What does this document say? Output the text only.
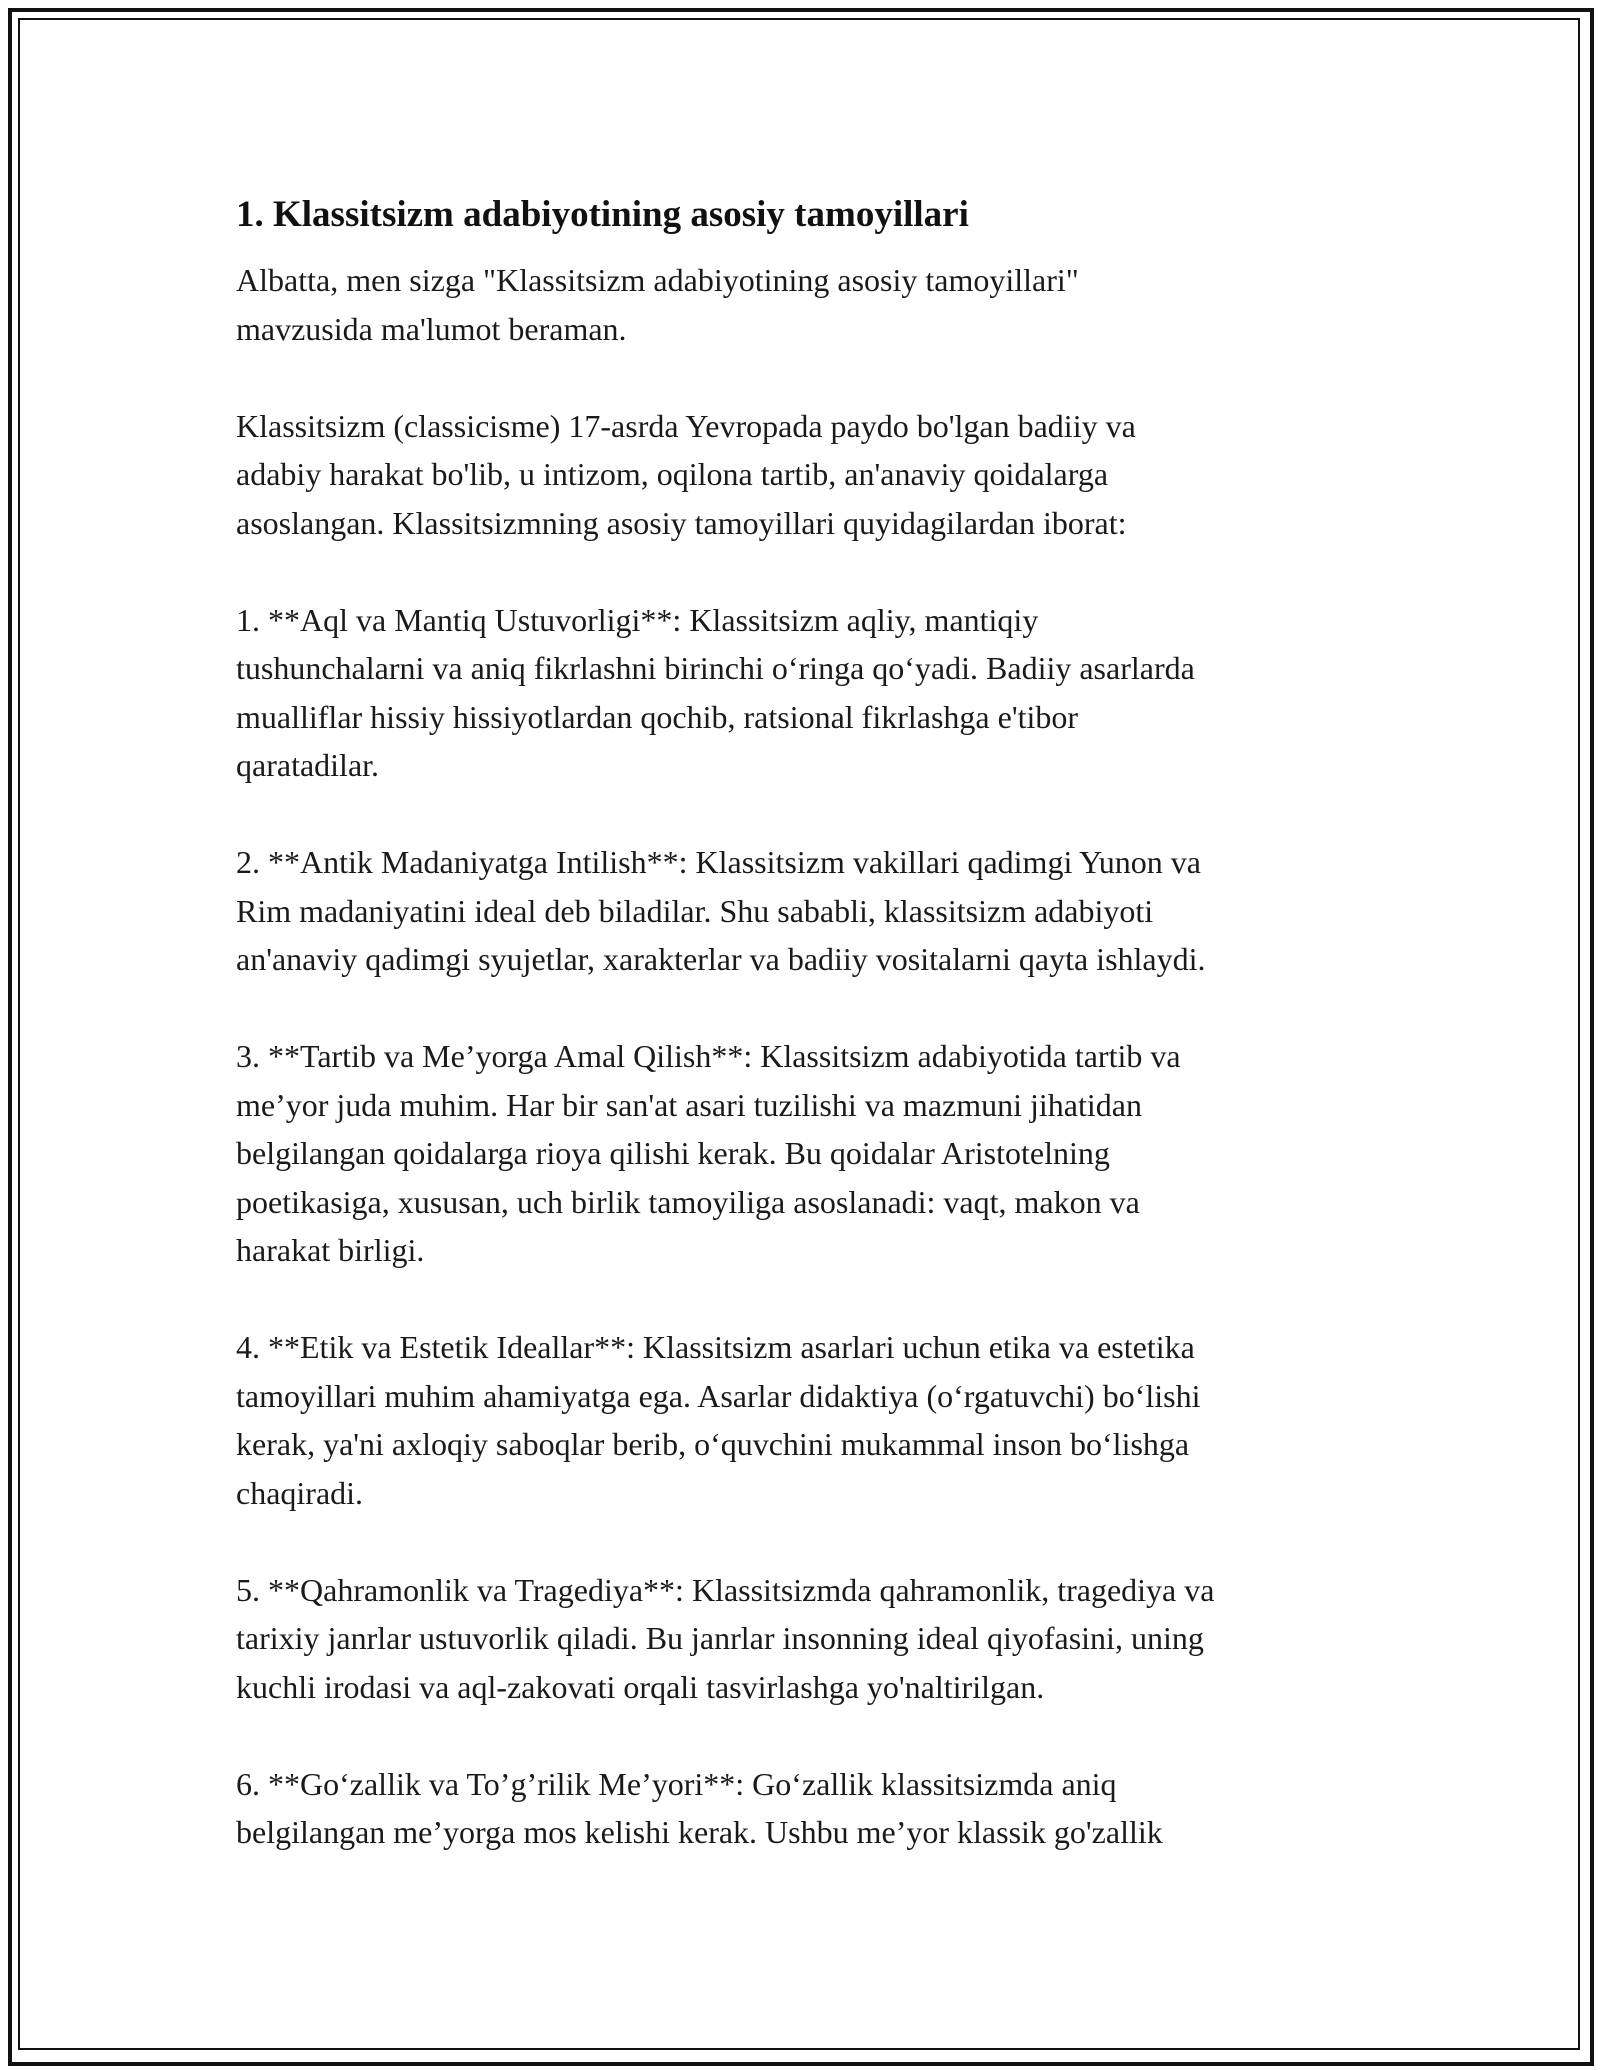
1. Klassitsizm adabiyotining asosiy tamoyillari

Albatta, men sizga "Klassitsizm adabiyotining asosiy tamoyillari"
mavzusida ma'lumot beraman.

Klassitsizm (classicisme) 17-asrda Yevropada paydo bo'lgan badiiy va
adabiy harakat bo'lib, u intizom, oqilona tartib, an'anaviy qoidalarga
asoslangan. Klassitsizmning asosiy tamoyillari quyidagilardan iborat:

1. **Aql va Mantiq Ustuvorligi**: Klassitsizm aqliy, mantiqiy
tushunchalarni va aniq fikrlashni birinchi oʻringa qoʻyadi. Badiiy asarlarda
mualliflar hissiy hissiyotlardan qochib, ratsional fikrlashga e'tibor
qaratadilar.

2. **Antik Madaniyatga Intilish**: Klassitsizm vakillari qadimgi Yunon va
Rim madaniyatini ideal deb biladilar. Shu sababli, klassitsizm adabiyoti
an'anaviy qadimgi syujetlar, xarakterlar va badiiy vositalarni qayta ishlaydi.

3. **Tartib va Me’yorga Amal Qilish**: Klassitsizm adabiyotida tartib va
me’yor juda muhim. Har bir san'at asari tuzilishi va mazmuni jihatidan
belgilangan qoidalarga rioya qilishi kerak. Bu qoidalar Aristotelning
poetikasiga, xususan, uch birlik tamoyiliga asoslanadi: vaqt, makon va
harakat birligi.

4. **Etik va Estetik Ideallar**: Klassitsizm asarlari uchun etika va estetika
tamoyillari muhim ahamiyatga ega. Asarlar didaktiya (oʻrgatuvchi) boʻlishi
kerak, ya'ni axloqiy saboqlar berib, oʻquvchini mukammal inson boʻlishga
chaqiradi.

5. **Qahramonlik va Tragediya**: Klassitsizmda qahramonlik, tragediya va
tarixiy janrlar ustuvorlik qiladi. Bu janrlar insonning ideal qiyofasini, uning
kuchli irodasi va aql-zakovati orqali tasvirlashga yo'naltirilgan.

6. **Goʻzallik va To’g’rilik Me’yori**: Goʻzallik klassitsizmda aniq
belgilangan me’yorga mos kelishi kerak. Ushbu me’yor klassik go'zallik
